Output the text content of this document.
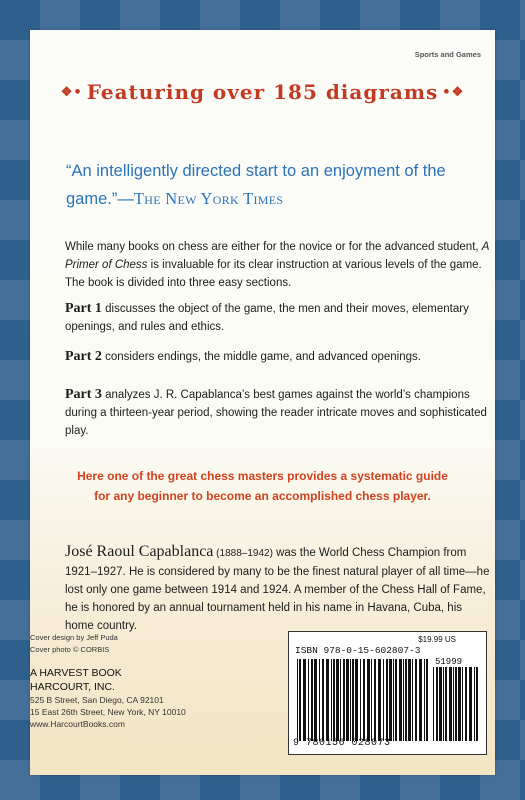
Sports and Games
❖• Featuring over 185 diagrams •❖
“An intelligently directed start to an enjoyment of the game.”—The New York Times
While many books on chess are either for the novice or for the advanced student, A Primer of Chess is invaluable for its clear instruction at various levels of the game. The book is divided into three easy sections.
Part 1 discusses the object of the game, the men and their moves, elementary openings, and rules and ethics.
Part 2 considers endings, the middle game, and advanced openings.
Part 3 analyzes J. R. Capablanca’s best games against the world’s champions during a thirteen-year period, showing the reader intricate moves and sophisticated play.
Here one of the great chess masters provides a systematic guide
for any beginner to become an accomplished chess player.
José Raoul Capablanca (1888–1942) was the World Chess Champion from 1921–1927. He is considered by many to be the finest natural player of all time—he lost only one game between 1914 and 1924. A member of the Chess Hall of Fame, he is honored by an annual tournament held in his name in Havana, Cuba, his home country.
Cover design by Jeff Puda
Cover photo © CORBIS
A HARVEST BOOK
HARCOURT, INC.
525 B Street, San Diego, CA 92101
15 East 26th Street, New York, NY 10010
www.HarcourtBooks.com
$19.99 US
ISBN 978-0-15-602807-3
51999
9 780156 028073
